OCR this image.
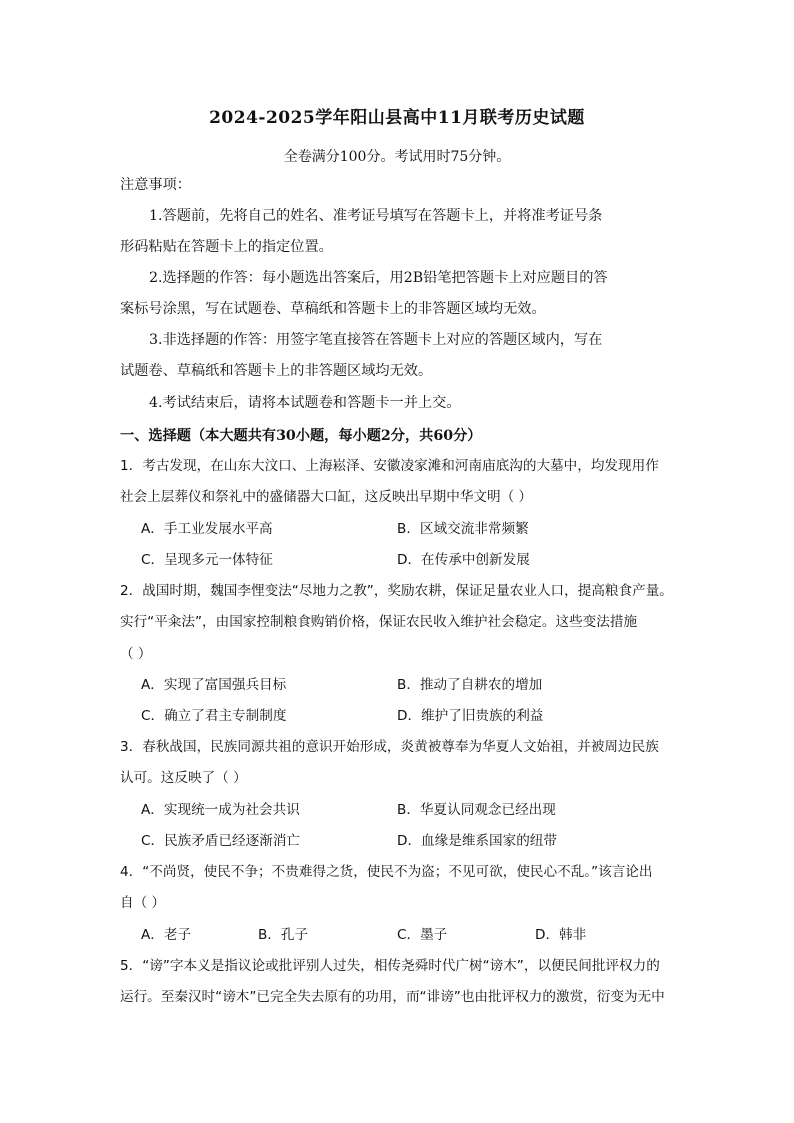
2024-2025学年阳山县高中11月联考历史试题
全卷满分100分。考试用时75分钟。
注意事项：
1.答题前，先将自己的姓名、准考证号填写在答题卡上，并将准考证号条
形码粘贴在答题卡上的指定位置。
2.选择题的作答：每小题选出答案后，用2B铅笔把答题卡上对应题目的答
案标号涂黑，写在试题卷、草稿纸和答题卡上的非答题区域均无效。
3.非选择题的作答：用签字笔直接答在答题卡上对应的答题区域内，写在
试题卷、草稿纸和答题卡上的非答题区域均无效。
4.考试结束后，请将本试题卷和答题卡一并上交。
一、选择题（本大题共有30小题，每小题2分，共60分）
1．考古发现，在山东大汶口、上海崧泽、安徽凌家滩和河南庙底沟的大墓中，均发现用作
社会上层葬仪和祭礼中的盛储器大口缸，这反映出早期中华文明（ ）
A．手工业发展水平高	B．区域交流非常频繁
C．呈现多元一体特征	D．在传承中创新发展
2．战国时期，魏国李悝变法“尽地力之教”，奖励农耕，保证足量农业人口，提高粮食产量。
实行“平籴法”，由国家控制粮食购销价格，保证农民收入维护社会稳定。这些变法措施
（ ）
A．实现了富国强兵目标	B．推动了自耕农的增加
C．确立了君主专制制度	D．维护了旧贵族的利益
3．春秋战国，民族同源共祖的意识开始形成，炎黄被尊奉为华夏人文始祖，并被周边民族
认可。这反映了（ ）
A．实现统一成为社会共识	B．华夏认同观念已经出现
C．民族矛盾已经逐渐消亡	D．血缘是维系国家的纽带
4．“不尚贤，使民不争；不贵难得之货，使民不为盗；不见可欲，使民心不乱。”该言论出
自（ ）
A．老子	B．孔子	C．墨子	D．韩非
5．“谤”字本义是指议论或批评别人过失，相传尧舜时代广树“谤木”，以便民间批评权力的
运行。至秦汉时“谤木”已完全失去原有的功用，而“诽谤”也由批评权力的激赏，衍变为无中
